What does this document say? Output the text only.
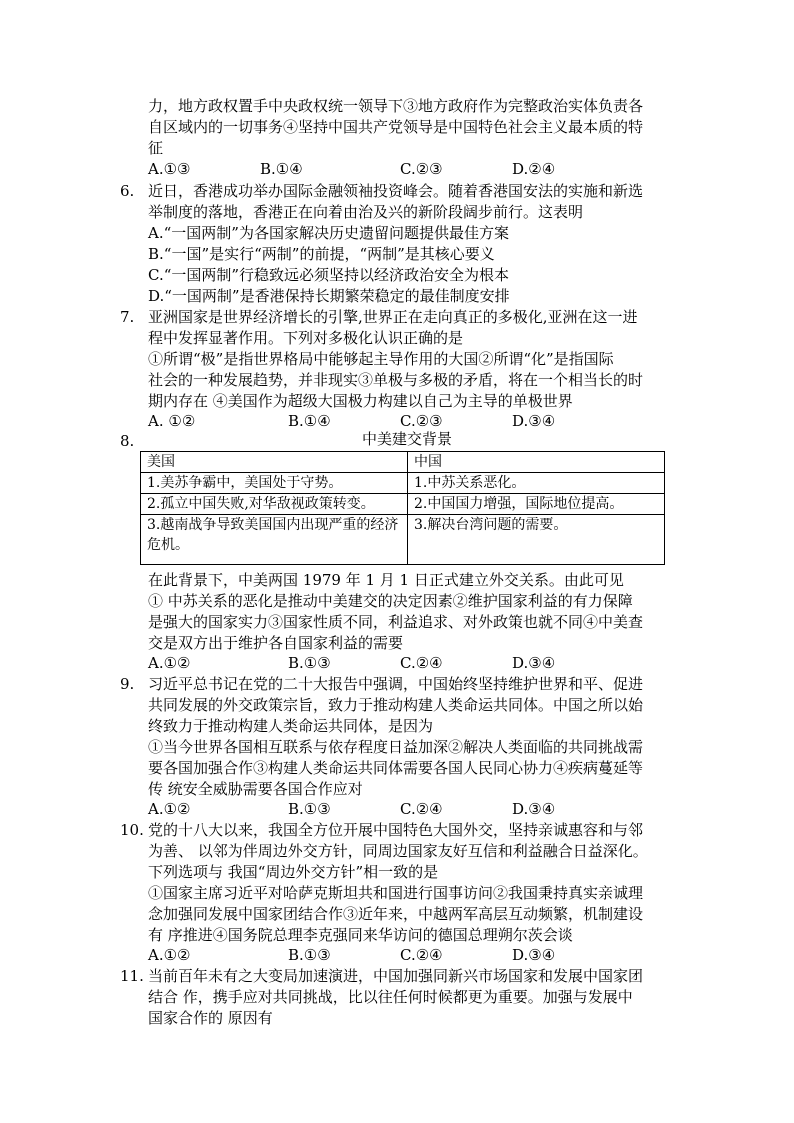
力，地方政权置手中央政权统一领导下③地方政府作为完整政治实体负责各
自区域内的一切事务④坚持中国共产党领导是中国特色社会主义最本质的特
征
A.①③	B.①④	C.②③	D.②④
6. 近日，香港成功举办国际金融领袖投资峰会。随着香港国安法的实施和新选
举制度的落地，香港正在向着由治及兴的新阶段阔步前行。这表明
A.“一国两制”为各国家解决历史遗留问题提供最佳方案
B.“一国”是实行“两制”的前提，“两制”是其核心要义
C.“一国两制”行稳致远必须坚持以经济政治安全为根本
D.“一国两制”是香港保持长期繁荣稳定的最佳制度安排
7. 亚洲国家是世界经济增长的引擎,世界正在走向真正的多极化,亚洲在这一进
程中发挥显著作用。下列对多极化认识正确的是
①所谓“极”是指世界格局中能够起主导作用的大国②所谓“化”是指国际
社会的一种发展趋势，并非现实③单极与多极的矛盾，将在一个相当长的时
期内存在 ④美国作为超级大国极力构建以自己为主导的单极世界
A. ①②	B.①④	C.②③	D.③④
8.	中美建交背景
美国	中国
1.美苏争霸中，美国处于守势。	1.中苏关系恶化。
2.孤立中国失败,对华敌视政策转变。	2.中国国力增强，国际地位提高。
3.越南战争导致美国国内出现严重的经济危机。	3.解决台湾问题的需要。
在此背景下，中美两国 1979 年 1 月 1 日正式建立外交关系。由此可见
① 中苏关系的恶化是推动中美建交的决定因素②维护国家利益的有力保障
是强大的国家实力③国家性质不同，利益追求、对外政策也就不同④中美查
交是双方出于维护各自国家利益的需要
A.①②	B.①③	C.②④	D.③④
9. 习近平总书记在党的二十大报告中强调，中国始终坚持维护世界和平、促进
共同发展的外交政策宗旨，致力于推动构建人类命运共同体。中国之所以始
终致力于推动构建人类命运共同体，是因为
①当今世界各国相互联系与依存程度日益加深②解决人类面临的共同挑战需
要各国加强合作③构建人类命运共同体需要各国人民同心协力④疾病蔓延等
传 统安全威胁需要各国合作应对
A.①②	B.①③	C.②④	D.③④
10. 党的十八大以来，我国全方位开展中国特色大国外交，坚持亲诚惠容和与邻
为善、 以邻为伴周边外交方针，同周边国家友好互信和利益融合日益深化。
下列选项与 我国“周边外交方针”相一致的是
①国家主席习近平对哈萨克斯坦共和国进行国事访问②我国秉持真实亲诚理
念加强同发展中国家团结合作③近年来，中越两军高层互动频繁，机制建设
有 序推进④国务院总理李克强同来华访问的德国总理朔尔茨会谈
A.①②	B.①③	C.②④	D.③④
11. 当前百年未有之大变局加速演进，中国加强同新兴市场国家和发展中国家团
结合 作，携手应对共同挑战，比以往任何时候都更为重要。加强与发展中
国家合作的 原因有
